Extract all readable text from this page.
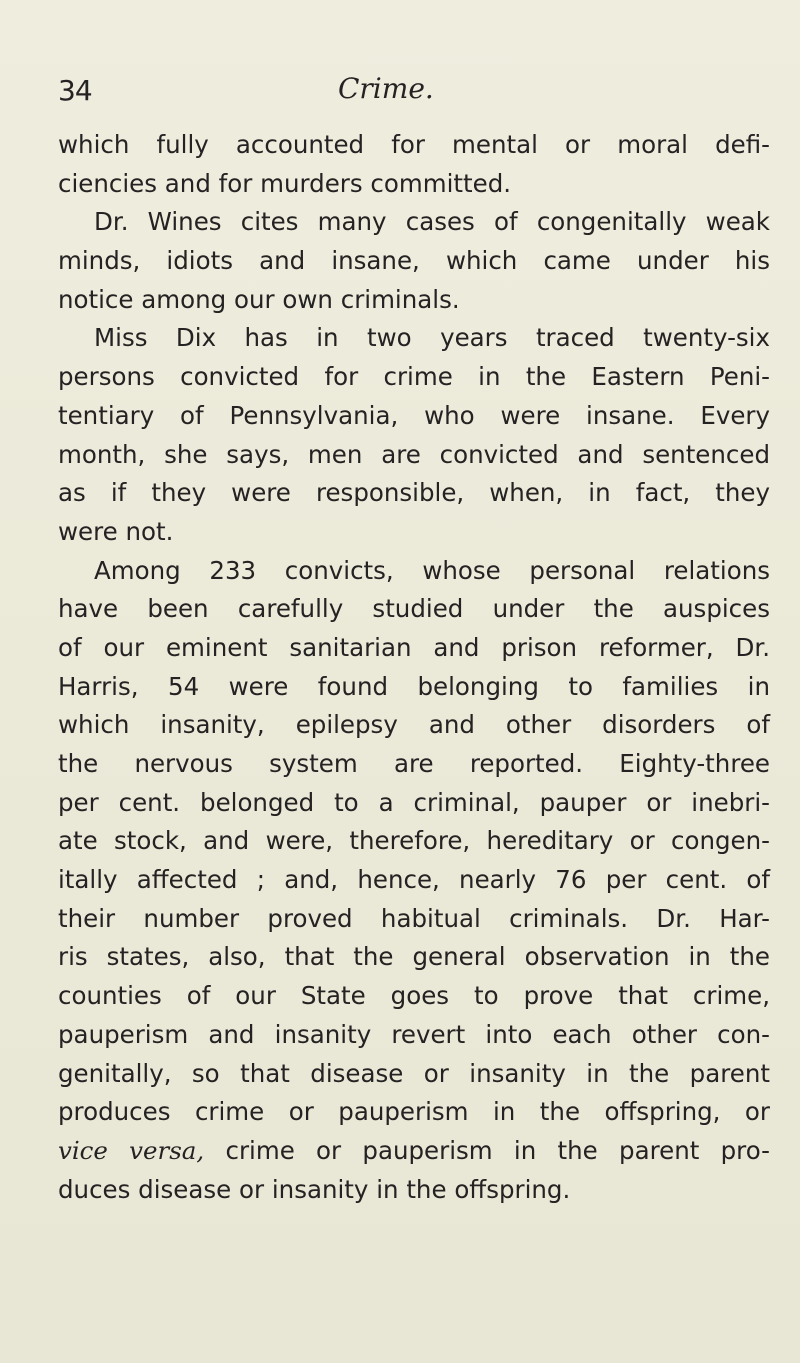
34	Crime.
which fully accounted for mental or moral defi-
ciencies and for murders committed.
Dr. Wines cites many cases of congenitally weak
minds, idiots and insane, which came under his
notice among our own criminals.
Miss Dix has in two years traced twenty-six
persons convicted for crime in the Eastern Peni-
tentiary of Pennsylvania, who were insane. Every
month, she says, men are convicted and sentenced
as if they were responsible, when, in fact, they
were not.
Among 233 convicts, whose personal relations
have been carefully studied under the auspices
of our eminent sanitarian and prison reformer, Dr.
Harris, 54 were found belonging to families in
which insanity, epilepsy and other disorders of
the nervous system are reported. Eighty-three
per cent. belonged to a criminal, pauper or inebri-
ate stock, and were, therefore, hereditary or congen-
itally affected ; and, hence, nearly 76 per cent. of
their number proved habitual criminals. Dr. Har-
ris states, also, that the general observation in the
counties of our State goes to prove that crime,
pauperism and insanity revert into each other con-
genitally, so that disease or insanity in the parent
produces crime or pauperism in the offspring, or
vice versa, crime or pauperism in the parent pro-
duces disease or insanity in the offspring.
